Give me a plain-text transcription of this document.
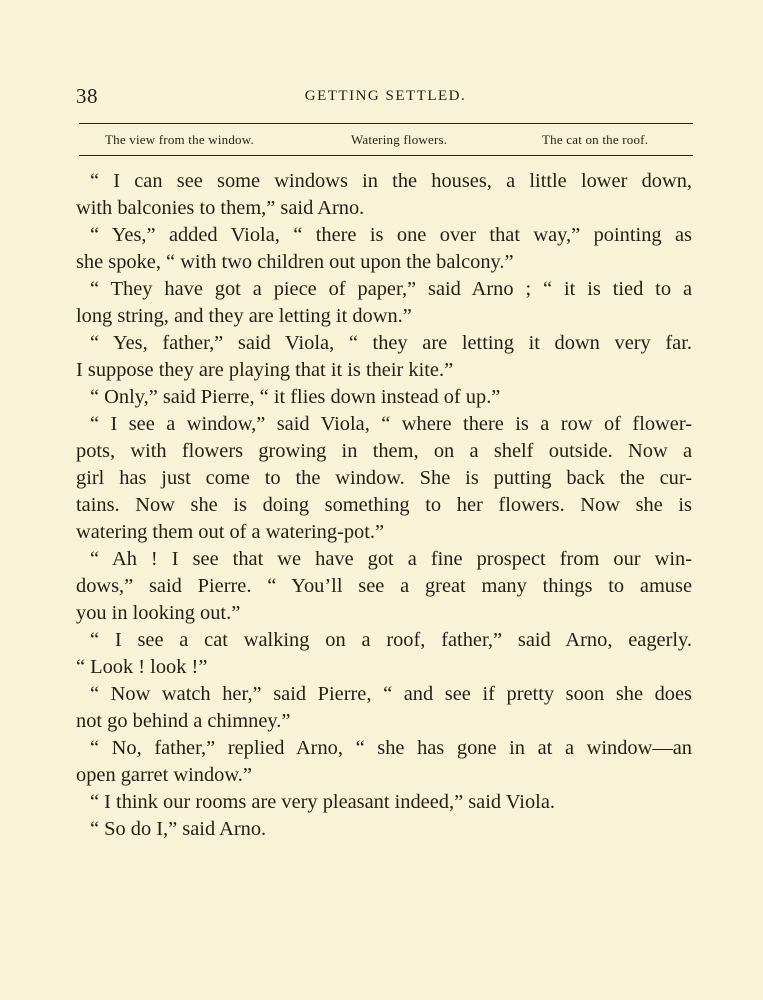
38	GETTING SETTLED.
The view from the window.	Watering flowers.	The cat on the roof.
“ I can see some windows in the houses, a little lower down,
with balconies to them,” said Arno.
“ Yes,” added Viola, “ there is one over that way,” pointing as
she spoke, “ with two children out upon the balcony.”
“ They have got a piece of paper,” said Arno ; “ it is tied to a
long string, and they are letting it down.”
“ Yes, father,” said Viola, “ they are letting it down very far.
I suppose they are playing that it is their kite.”
“ Only,” said Pierre, “ it flies down instead of up.”
“ I see a window,” said Viola, “ where there is a row of flower-
pots, with flowers growing in them, on a shelf outside. Now a
girl has just come to the window. She is putting back the cur-
tains. Now she is doing something to her flowers. Now she is
watering them out of a watering-pot.”
“ Ah ! I see that we have got a fine prospect from our win-
dows,” said Pierre. “ You’ll see a great many things to amuse
you in looking out.”
“ I see a cat walking on a roof, father,” said Arno, eagerly.
“ Look ! look !”
“ Now watch her,” said Pierre, “ and see if pretty soon she does
not go behind a chimney.”
“ No, father,” replied Arno, “ she has gone in at a window—an
open garret window.”
“ I think our rooms are very pleasant indeed,” said Viola.
“ So do I,” said Arno.
